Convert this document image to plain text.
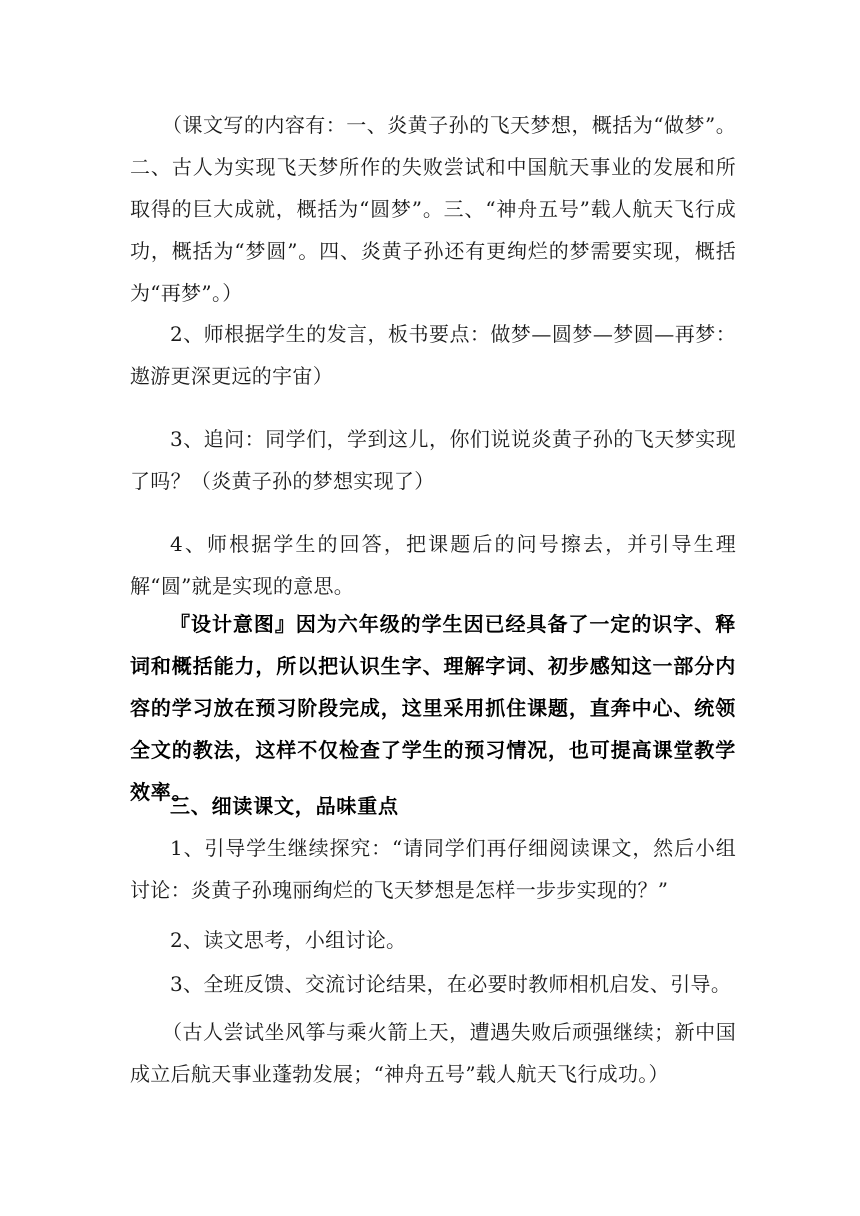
（课文写的内容有：一、炎黄子孙的飞天梦想，概括为“做梦”。二、古人为实现飞天梦所作的失败尝试和中国航天事业的发展和所取得的巨大成就，概括为“圆梦”。三、“神舟五号”载人航天飞行成功，概括为“梦圆”。四、炎黄子孙还有更绚烂的梦需要实现，概括为“再梦”。）

2、师根据学生的发言，板书要点：做梦—圆梦—梦圆—再梦：遨游更深更远的宇宙）

3、追问：同学们，学到这儿，你们说说炎黄子孙的飞天梦实现了吗？（炎黄子孙的梦想实现了）

4、师根据学生的回答，把课题后的问号擦去，并引导生理解“圆”就是实现的意思。

『设计意图』因为六年级的学生因已经具备了一定的识字、释词和概括能力，所以把认识生字、理解字词、初步感知这一部分内容的学习放在预习阶段完成，这里采用抓住课题，直奔中心、统领全文的教法，这样不仅检查了学生的预习情况，也可提高课堂教学效率。

三、细读课文，品味重点

1、引导学生继续探究：“请同学们再仔细阅读课文，然后小组讨论：炎黄子孙瑰丽绚烂的飞天梦想是怎样一步步实现的？”

2、读文思考，小组讨论。

3、全班反馈、交流讨论结果，在必要时教师相机启发、引导。

（古人尝试坐风筝与乘火箭上天，遭遇失败后顽强继续；新中国成立后航天事业蓬勃发展；“神舟五号”载人航天飞行成功。）
